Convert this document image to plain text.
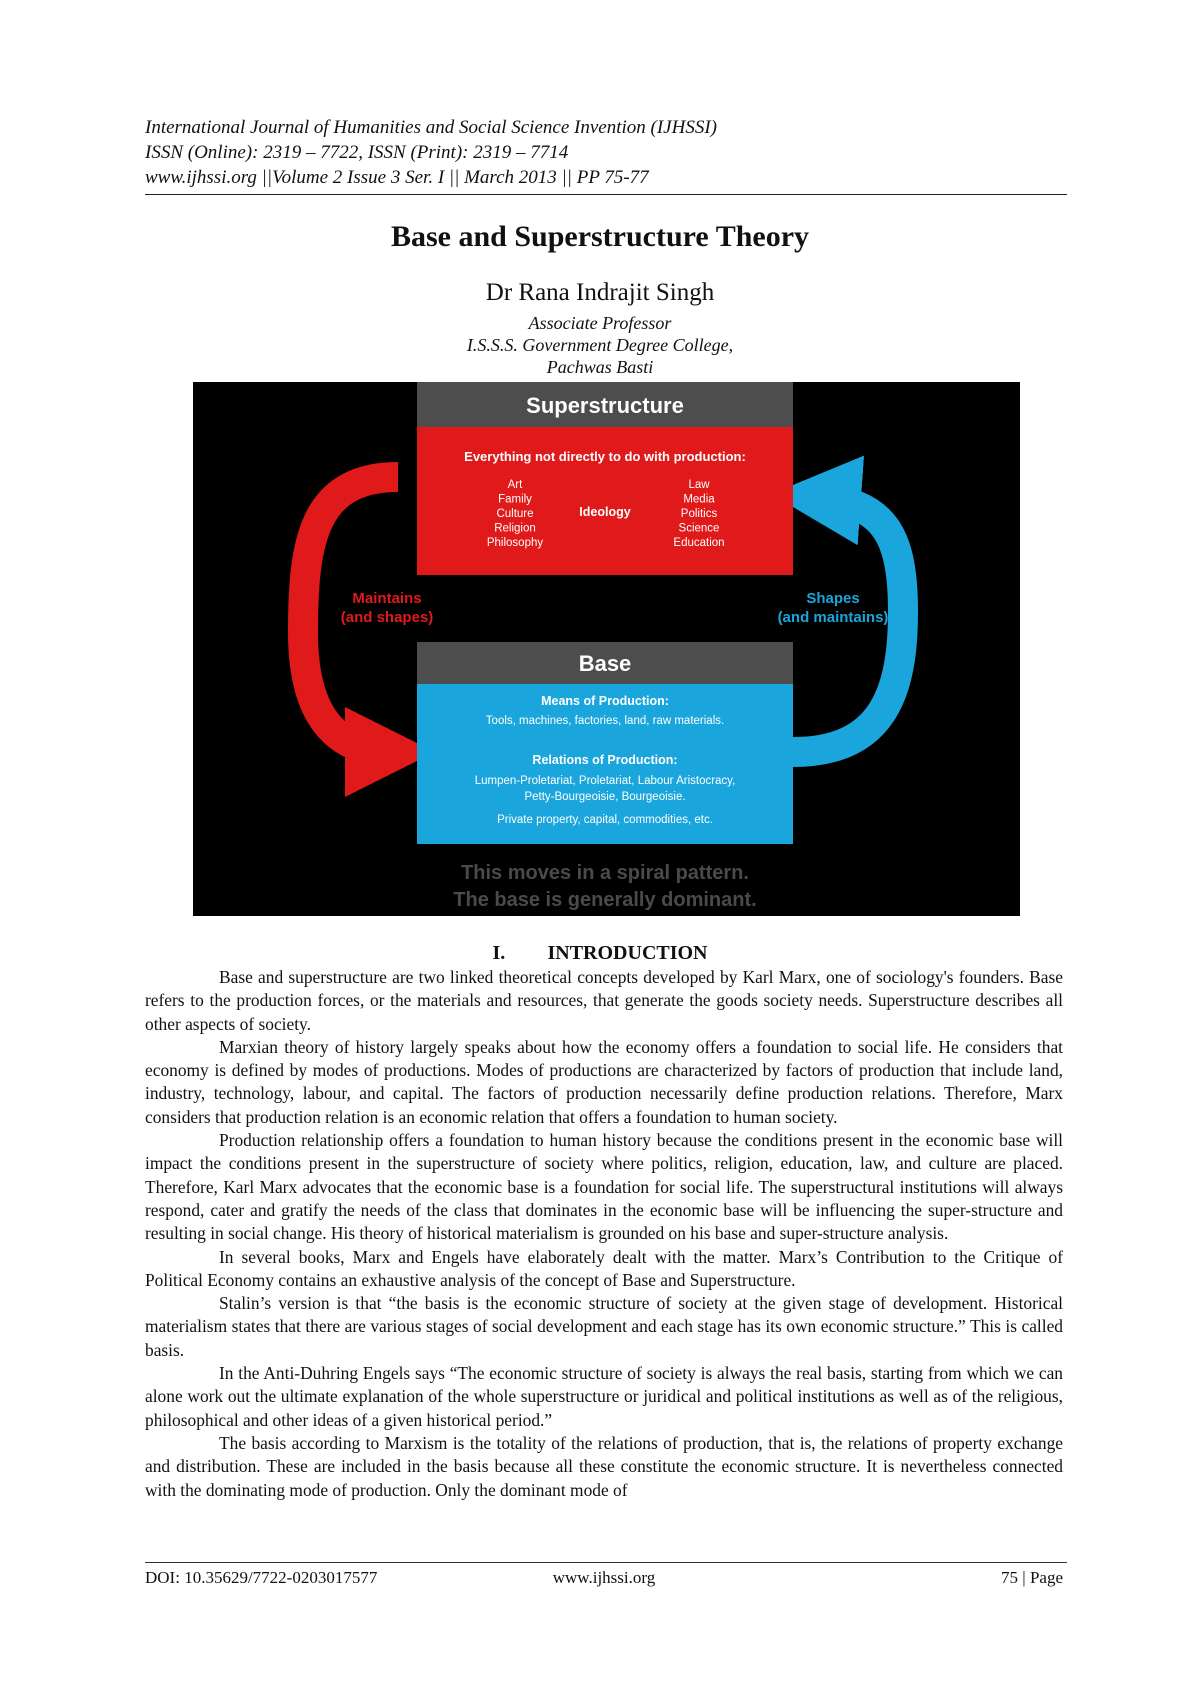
International Journal of Humanities and Social Science Invention (IJHSSI)
ISSN (Online): 2319 – 7722, ISSN (Print): 2319 – 7714
www.ijhssi.org ||Volume 2 Issue 3 Ser. I || March 2013 || PP 75-77
Base and Superstructure Theory
Dr Rana Indrajit Singh
Associate Professor
I.S.S.S. Government Degree College,
Pachwas Basti
Superstructure
Everything not directly to do with production:
Ideology
Art
Family
Culture
Religion
Philosophy
Law
Media
Politics
Science
Education
Maintains
(and shapes)
Shapes
(and maintains)
Base
Means of Production:
Tools, machines, factories, land, raw materials.
Relations of Production:
Lumpen-Proletariat, Proletariat, Labour Aristocracy,
Petty-Bourgeoisie, Bourgeoisie.
Private property, capital, commodities, etc.
This moves in a spiral pattern.
The base is generally dominant.
I. INTRODUCTION

Base and superstructure are two linked theoretical concepts developed by Karl Marx, one of sociology's founders. Base refers to the production forces, or the materials and resources, that generate the goods society needs. Superstructure describes all other aspects of society.

Marxian theory of history largely speaks about how the economy offers a foundation to social life. He considers that economy is defined by modes of productions. Modes of productions are characterized by factors of production that include land, industry, technology, labour, and capital. The factors of production necessarily define production relations. Therefore, Marx considers that production relation is an economic relation that offers a foundation to human society.

Production relationship offers a foundation to human history because the conditions present in the economic base will impact the conditions present in the superstructure of society where politics, religion, education, law, and culture are placed. Therefore, Karl Marx advocates that the economic base is a foundation for social life. The superstructural institutions will always respond, cater and gratify the needs of the class that dominates in the economic base will be influencing the super-structure and resulting in social change. His theory of historical materialism is grounded on his base and super-structure analysis.

In several books, Marx and Engels have elaborately dealt with the matter. Marx’s Contribution to the Critique of Political Economy contains an exhaustive analysis of the concept of Base and Superstructure.

Stalin’s version is that “the basis is the economic structure of society at the given stage of development. Historical materialism states that there are various stages of social development and each stage has its own economic structure.” This is called basis.

In the Anti-Duhring Engels says “The economic structure of society is always the real basis, starting from which we can alone work out the ultimate explanation of the whole superstructure or juridical and political institutions as well as of the religious, philosophical and other ideas of a given historical period.”

The basis according to Marxism is the totality of the relations of production, that is, the relations of property exchange and distribution. These are included in the basis because all these constitute the economic structure. It is nevertheless connected with the dominating mode of production. Only the dominant mode of

DOI: 10.35629/7722-0203017577	www.ijhssi.org	75 | Page
